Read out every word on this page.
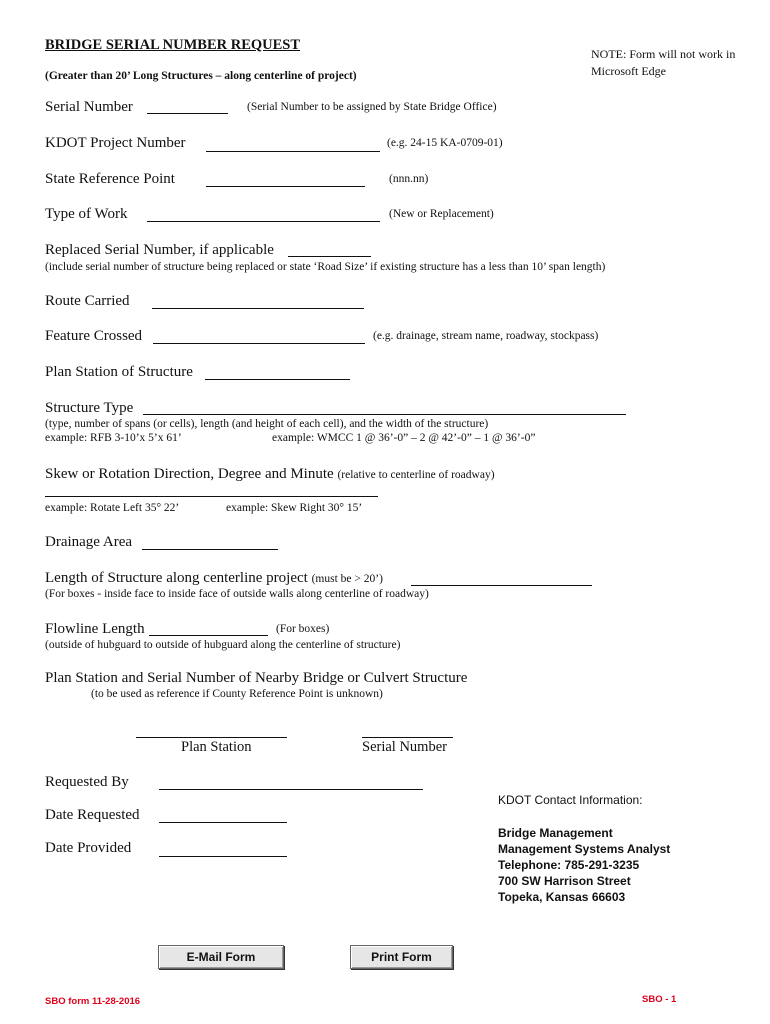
BRIDGE SERIAL NUMBER REQUEST
(Greater than 20’ Long Structures – along centerline of project)
NOTE: Form will not work in Microsoft Edge
Serial Number	(Serial Number to be assigned by State Bridge Office)
KDOT Project Number	(e.g. 24-15 KA-0709-01)
State Reference Point	(nnn.nn)
Type of Work	(New or Replacement)
Replaced Serial Number, if applicable
(include serial number of structure being replaced or state ‘Road Size’ if existing structure has a less than 10’ span length)
Route Carried
Feature Crossed	(e.g. drainage, stream name, roadway, stockpass)
Plan Station of Structure
Structure Type
(type, number of spans (or cells), length (and height of each cell), and the width of the structure)
example: RFB 3-10’x 5’x 61’	example: WMCC 1 @ 36’-0” – 2 @ 42’-0” – 1 @ 36’-0”
Skew or Rotation Direction, Degree and Minute (relative to centerline of roadway)
example: Rotate Left 35° 22’	example: Skew Right 30° 15’
Drainage Area
Length of Structure along centerline project (must be > 20’)
(For boxes - inside face to inside face of outside walls along centerline of roadway)
Flowline Length	(For boxes)
(outside of hubguard to outside of hubguard along the centerline of structure)
Plan Station and Serial Number of Nearby Bridge or Culvert Structure
(to be used as reference if County Reference Point is unknown)
Plan Station	Serial Number
Requested By
Date Requested
Date Provided
KDOT Contact Information:
Bridge Management
Management Systems Analyst
Telephone: 785-291-3235
700 SW Harrison Street
Topeka, Kansas 66603
E-Mail Form	Print Form
SBO form 11-28-2016	SBO - 1
